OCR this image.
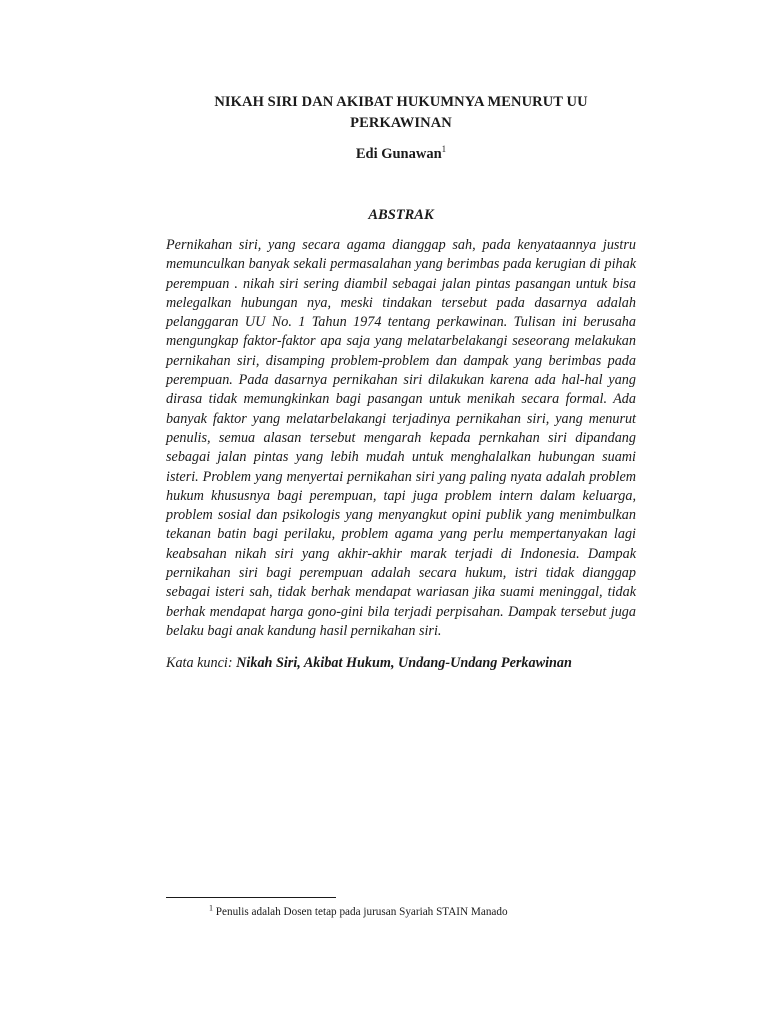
NIKAH SIRI DAN AKIBAT HUKUMNYA MENURUT UU
PERKAWINAN
Edi Gunawan$^1$
ABSTRAK
Pernikahan siri, yang secara agama dianggap sah, pada kenyataannya justru memunculkan banyak sekali permasalahan yang berimbas pada kerugian di pihak perempuan . nikah siri sering diambil sebagai jalan pintas pasangan untuk bisa melegalkan hubungan nya, meski tindakan tersebut pada dasarnya adalah pelanggaran UU No. 1 Tahun 1974 tentang perkawinan. Tulisan ini berusaha mengungkap faktor-faktor apa saja yang melatarbelakangi seseorang melakukan pernikahan siri, disamping problem-problem dan dampak yang berimbas pada perempuan. Pada dasarnya pernikahan siri dilakukan karena ada hal-hal yang dirasa tidak memungkinkan bagi pasangan untuk menikah secara formal. Ada banyak faktor yang melatarbelakangi terjadinya pernikahan siri, yang menurut penulis, semua alasan tersebut mengarah kepada pernkahan siri dipandang sebagai jalan pintas yang lebih mudah untuk menghalalkan hubungan suami isteri. Problem yang menyertai pernikahan siri yang paling nyata adalah problem hukum khususnya bagi perempuan, tapi juga problem intern dalam keluarga, problem sosial dan psikologis yang menyangkut opini publik yang menimbulkan tekanan batin bagi perilaku, problem agama yang perlu mempertanyakan lagi keabsahan nikah siri yang akhir-akhir marak terjadi di Indonesia. Dampak pernikahan siri bagi perempuan adalah secara hukum, istri tidak dianggap sebagai isteri sah, tidak berhak mendapat wariasan jika suami meninggal, tidak berhak mendapat harga gono-gini bila terjadi perpisahan. Dampak tersebut juga belaku bagi anak kandung hasil pernikahan siri.
Kata kunci: Nikah Siri, Akibat Hukum, Undang-Undang Perkawinan
$^1$ Penulis adalah Dosen tetap pada jurusan Syariah STAIN Manado
